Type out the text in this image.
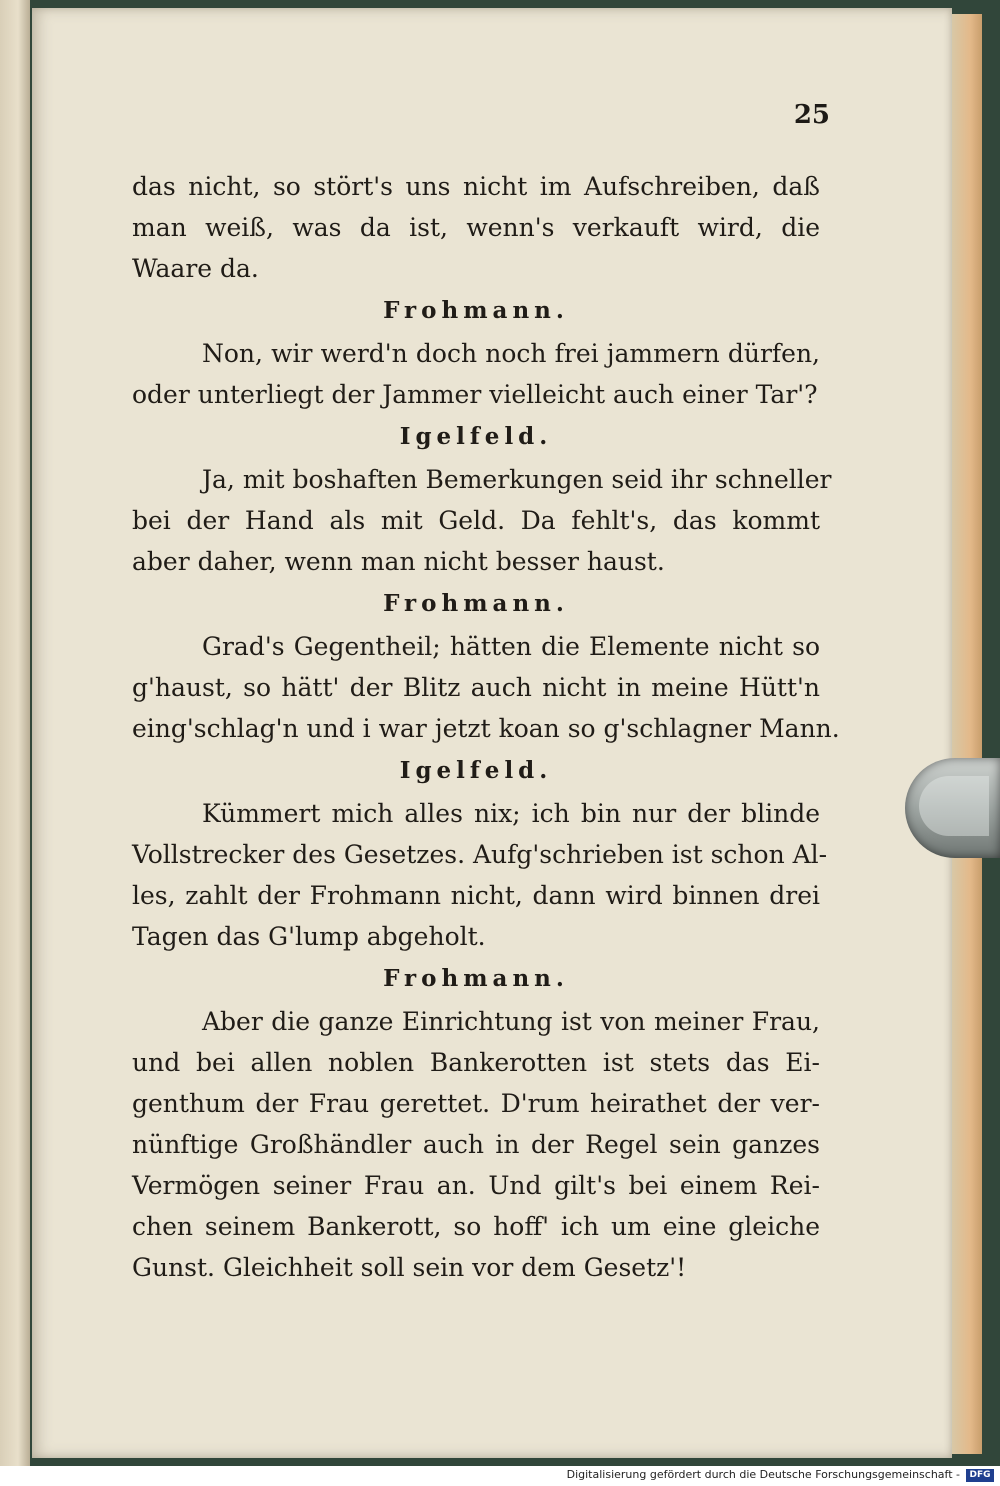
25
das nicht, so stört's uns nicht im Aufschreiben, daß
man weiß, was da ist, wenn's verkauft wird, die
Waare da.
Frohmann.
Non, wir werd'n doch noch frei jammern dürfen,
oder unterliegt der Jammer vielleicht auch einer Tar'?
Igelfeld.
Ja, mit boshaften Bemerkungen seid ihr schneller
bei der Hand als mit Geld. Da fehlt's, das kommt
aber daher, wenn man nicht besser haust.
Frohmann.
Grad's Gegentheil; hätten die Elemente nicht so
g'haust, so hätt' der Blitz auch nicht in meine Hütt'n
eing'schlag'n und i war jetzt koan so g'schlagner Mann.
Igelfeld.
Kümmert mich alles nix; ich bin nur der blinde
Vollstrecker des Gesetzes. Aufg'schrieben ist schon Al-
les, zahlt der Frohmann nicht, dann wird binnen drei
Tagen das G'lump abgeholt.
Frohmann.
Aber die ganze Einrichtung ist von meiner Frau,
und bei allen noblen Bankerotten ist stets das Ei-
genthum der Frau gerettet. D'rum heirathet der ver-
nünftige Großhändler auch in der Regel sein ganzes
Vermögen seiner Frau an. Und gilt's bei einem Rei-
chen seinem Bankerott, so hoff' ich um eine gleiche
Gunst. Gleichheit soll sein vor dem Gesetz'!
Digitalisierung gefördert durch die Deutsche Forschungsgemeinschaft -	DFG
